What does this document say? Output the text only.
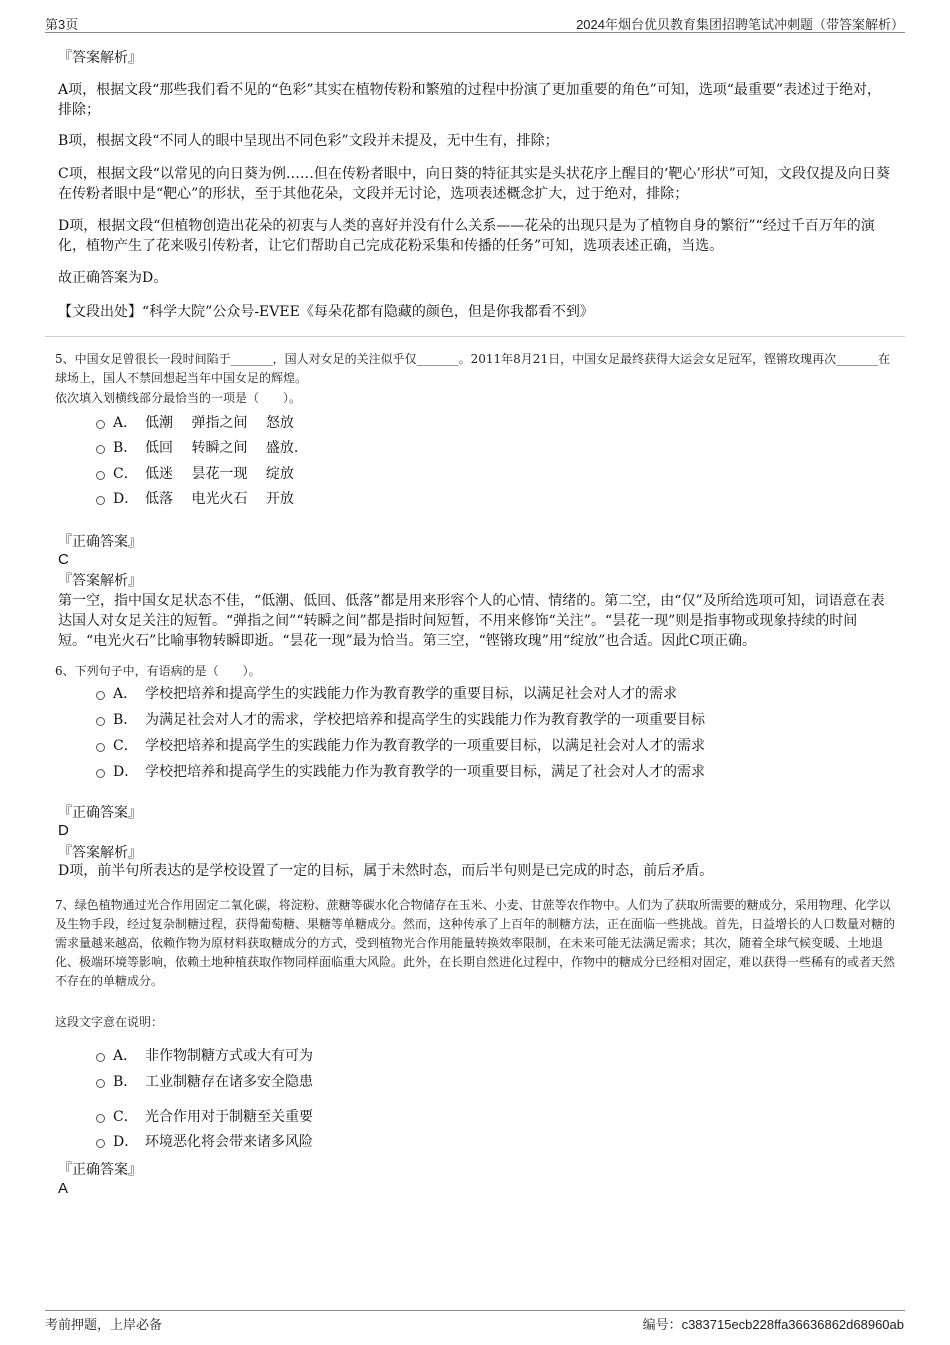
第3页	2024年烟台优贝教育集团招聘笔试冲刺题（带答案解析）

『答案解析』

A项，根据文段“那些我们看不见的“色彩”其实在植物传粉和繁殖的过程中扮演了更加重要的角色”可知，选项“最重要”表述过于绝对，排除；

B项，根据文段“不同人的眼中呈现出不同色彩”文段并未提及，无中生有，排除；

C项，根据文段“以常见的向日葵为例……但在传粉者眼中，向日葵的特征其实是头状花序上醒目的‘靶心’形状”可知，文段仅提及向日葵在传粉者眼中是“靶心”的形状，至于其他花朵，文段并无讨论，选项表述概念扩大，过于绝对，排除；

D项，根据文段“但植物创造出花朵的初衷与人类的喜好并没有什么关系——花朵的出现只是为了植物自身的繁衍”“经过千百万年的演化，植物产生了花来吸引传粉者，让它们帮助自己完成花粉采集和传播的任务”可知，选项表述正确，当选。

故正确答案为D。

【文段出处】“科学大院”公众号-EVEE《每朵花都有隐藏的颜色，但是你我都看不到》

5、中国女足曾很长一段时间陷于_______，国人对女足的关注似乎仅_______。2011年8月21日，中国女足最终获得大运会女足冠军，铿锵玫瑰再次_______在球场上，国人不禁回想起当年中国女足的辉煌。

依次填入划横线部分最恰当的一项是（　　）。

A． 低潮　 弹指之间　 怒放
B． 低回　 转瞬之间　 盛放.
C． 低迷　 昙花一现　 绽放
D． 低落　 电光火石　 开放

『正确答案』

C

『答案解析』

第一空，指中国女足状态不佳，“低潮、低回、低落”都是用来形容个人的心情、情绪的。第二空，由“仅”及所给选项可知，词语意在表达国人对女足关注的短暂。“弹指之间”“转瞬之间”都是指时间短暂，不用来修饰“关注”。“昙花一现”则是指事物或现象持续的时间短。“电光火石”比喻事物转瞬即逝。“昙花一现”最为恰当。第三空，“铿锵玫瑰”用“绽放”也合适。因此C项正确。

6、下列句子中，有语病的是（　　）。

A． 学校把培养和提高学生的实践能力作为教育教学的重要目标，以满足社会对人才的需求
B． 为满足社会对人才的需求，学校把培养和提高学生的实践能力作为教育教学的一项重要目标
C． 学校把培养和提高学生的实践能力作为教育教学的一项重要目标，以满足社会对人才的需求
D． 学校把培养和提高学生的实践能力作为教育教学的一项重要目标，满足了社会对人才的需求

『正确答案』

D

『答案解析』

D项，前半句所表达的是学校设置了一定的目标，属于未然时态，而后半句则是已完成的时态，前后矛盾。

7、绿色植物通过光合作用固定二氧化碳，将淀粉、蔗糖等碳水化合物储存在玉米、小麦、甘蔗等农作物中。人们为了获取所需要的糖成分，采用物理、化学以及生物手段，经过复杂制糖过程，获得葡萄糖、果糖等单糖成分。然而，这种传承了上百年的制糖方法，正在面临一些挑战。首先，日益增长的人口数量对糖的需求量越来越高，依赖作物为原材料获取糖成分的方式，受到植物光合作用能量转换效率限制，在未来可能无法满足需求；其次，随着全球气候变暖、土地退化、极端环境等影响，依赖土地种植获取作物同样面临重大风险。此外，在长期自然进化过程中，作物中的糖成分已经相对固定，难以获得一些稀有的或者天然不存在的单糖成分。

这段文字意在说明：

A． 非作物制糖方式或大有可为
B． 工业制糖存在诸多安全隐患
C． 光合作用对于制糖至关重要
D． 环境恶化将会带来诸多风险

『正确答案』

A
考前押题，上岸必备	编号：c383715ecb228ffa36636862d68960ab
